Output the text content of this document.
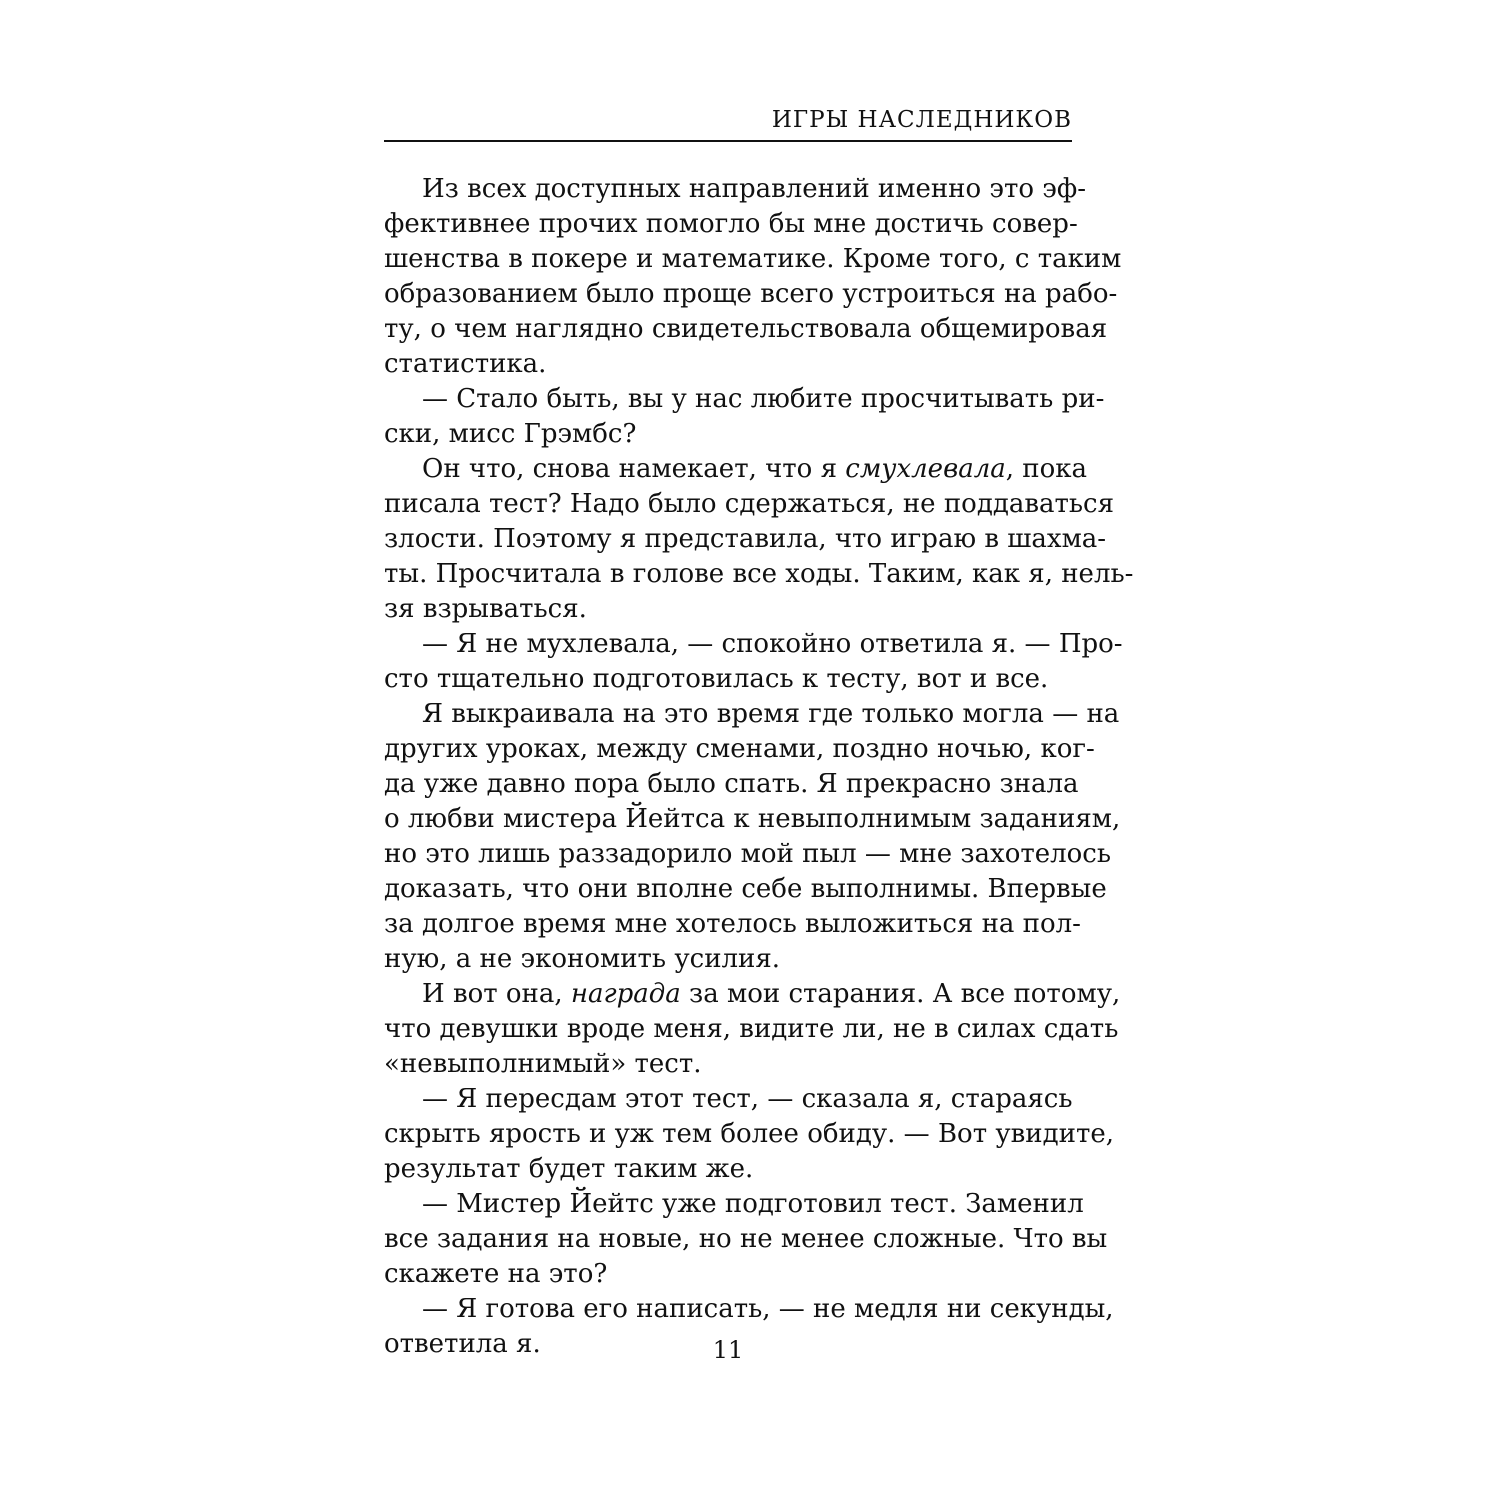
ИГРЫ НАСЛЕДНИКОВ
Из всех доступных направлений именно это эф-
фективнее прочих помогло бы мне достичь совер-
шенства в покере и математике. Кроме того, с таким
образованием было проще всего устроиться на рабо-
ту, о чем наглядно свидетельствовала общемировая
статистика.
— Стало быть, вы у нас любите просчитывать ри-
ски, мисс Грэмбс?
Он что, снова намекает, что я смухлевала, пока
писала тест? Надо было сдержаться, не поддаваться
злости. Поэтому я представила, что играю в шахма-
ты. Просчитала в голове все ходы. Таким, как я, нель-
зя взрываться.
— Я не мухлевала, — спокойно ответила я. — Про-
сто тщательно подготовилась к тесту, вот и все.
Я выкраивала на это время где только могла — на
других уроках, между сменами, поздно ночью, ког-
да уже давно пора было спать. Я прекрасно знала
о любви мистера Йейтса к невыполнимым заданиям,
но это лишь раззадорило мой пыл — мне захотелось
доказать, что они вполне себе выполнимы. Впервые
за долгое время мне хотелось выложиться на пол-
ную, а не экономить усилия.
И вот она, награда за мои старания. А все потому,
что девушки вроде меня, видите ли, не в силах сдать
«невыполнимый» тест.
— Я пересдам этот тест, — сказала я, стараясь
скрыть ярость и уж тем более обиду. — Вот увидите,
результат будет таким же.
— Мистер Йейтс уже подготовил тест. Заменил
все задания на новые, но не менее сложные. Что вы
скажете на это?
— Я готова его написать, — не медля ни секунды,
ответила я.	11
